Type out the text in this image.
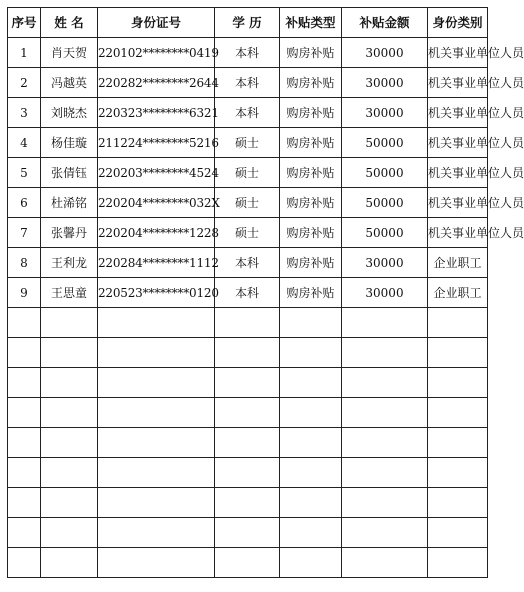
序号	姓 名	身份证号	学 历	补贴类型	补贴金额	身份类别
1	肖天贺	220102********0419	本科	购房补贴	30000	机关事业单位人员
2	冯越英	220282********2644	本科	购房补贴	30000	机关事业单位人员
3	刘晓杰	220323********6321	本科	购房补贴	30000	机关事业单位人员
4	杨佳璇	211224********5216	硕士	购房补贴	50000	机关事业单位人员
5	张倩钰	220203********4524	硕士	购房补贴	50000	机关事业单位人员
6	杜浠铭	220204********032X	硕士	购房补贴	50000	机关事业单位人员
7	张馨丹	220204********1228	硕士	购房补贴	50000	机关事业单位人员
8	王利龙	220284********1112	本科	购房补贴	30000	企业职工
9	王思童	220523********0120	本科	购房补贴	30000	企业职工
